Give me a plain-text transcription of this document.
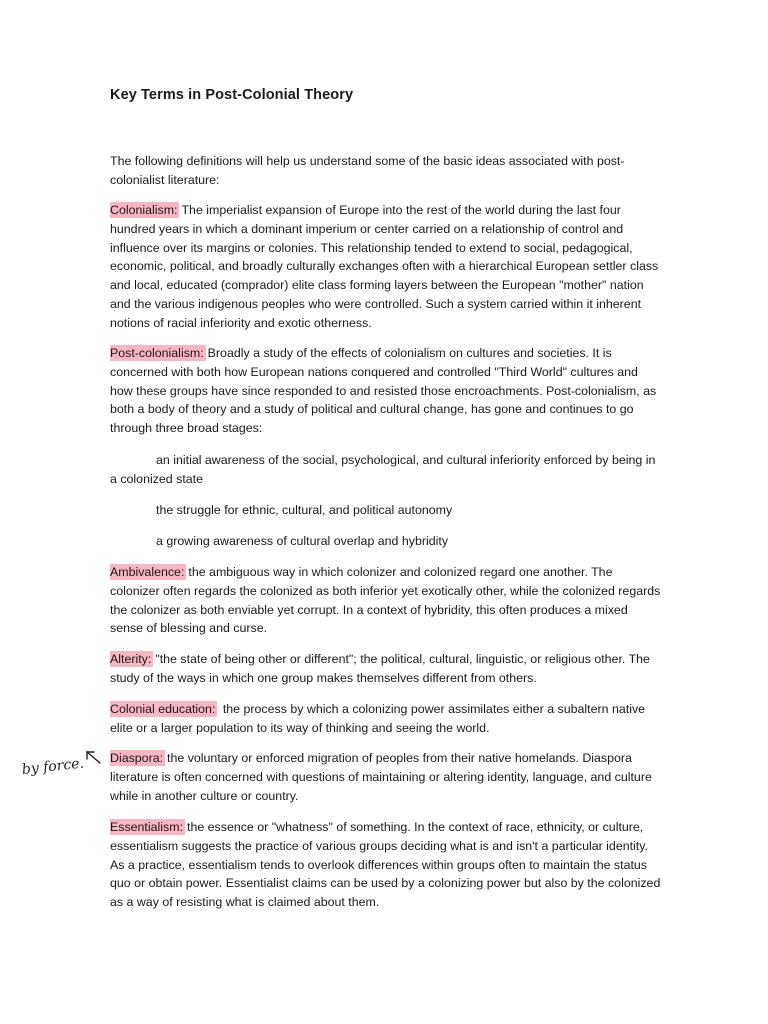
Key Terms in Post-Colonial Theory

The following definitions will help us understand some of the basic ideas associated with post-colonialist literature:

Colonialism: The imperialist expansion of Europe into the rest of the world during the last four hundred years in which a dominant imperium or center carried on a relationship of control and influence over its margins or colonies. This relationship tended to extend to social, pedagogical, economic, political, and broadly culturally exchanges often with a hierarchical European settler class and local, educated (comprador) elite class forming layers between the European "mother" nation and the various indigenous peoples who were controlled. Such a system carried within it inherent notions of racial inferiority and exotic otherness.

Post-colonialism: Broadly a study of the effects of colonialism on cultures and societies. It is concerned with both how European nations conquered and controlled "Third World" cultures and how these groups have since responded to and resisted those encroachments. Post-colonialism, as both a body of theory and a study of political and cultural change, has gone and continues to go through three broad stages:

an initial awareness of the social, psychological, and cultural inferiority enforced by being in a colonized state

the struggle for ethnic, cultural, and political autonomy

a growing awareness of cultural overlap and hybridity

Ambivalence: the ambiguous way in which colonizer and colonized regard one another. The colonizer often regards the colonized as both inferior yet exotically other, while the colonized regards the colonizer as both enviable yet corrupt. In a context of hybridity, this often produces a mixed sense of blessing and curse.

Alterity: "the state of being other or different"; the political, cultural, linguistic, or religious other. The study of the ways in which one group makes themselves different from others.

Colonial education: the process by which a colonizing power assimilates either a subaltern native elite or a larger population to its way of thinking and seeing the world.

Diaspora: the voluntary or enforced migration of peoples from their native homelands. Diaspora literature is often concerned with questions of maintaining or altering identity, language, and culture while in another culture or country.

Essentialism: the essence or "whatness" of something. In the context of race, ethnicity, or culture, essentialism suggests the practice of various groups deciding what is and isn't a particular identity. As a practice, essentialism tends to overlook differences within groups often to maintain the status quo or obtain power. Essentialist claims can be used by a colonizing power but also by the colonized as a way of resisting what is claimed about them.

by force.
